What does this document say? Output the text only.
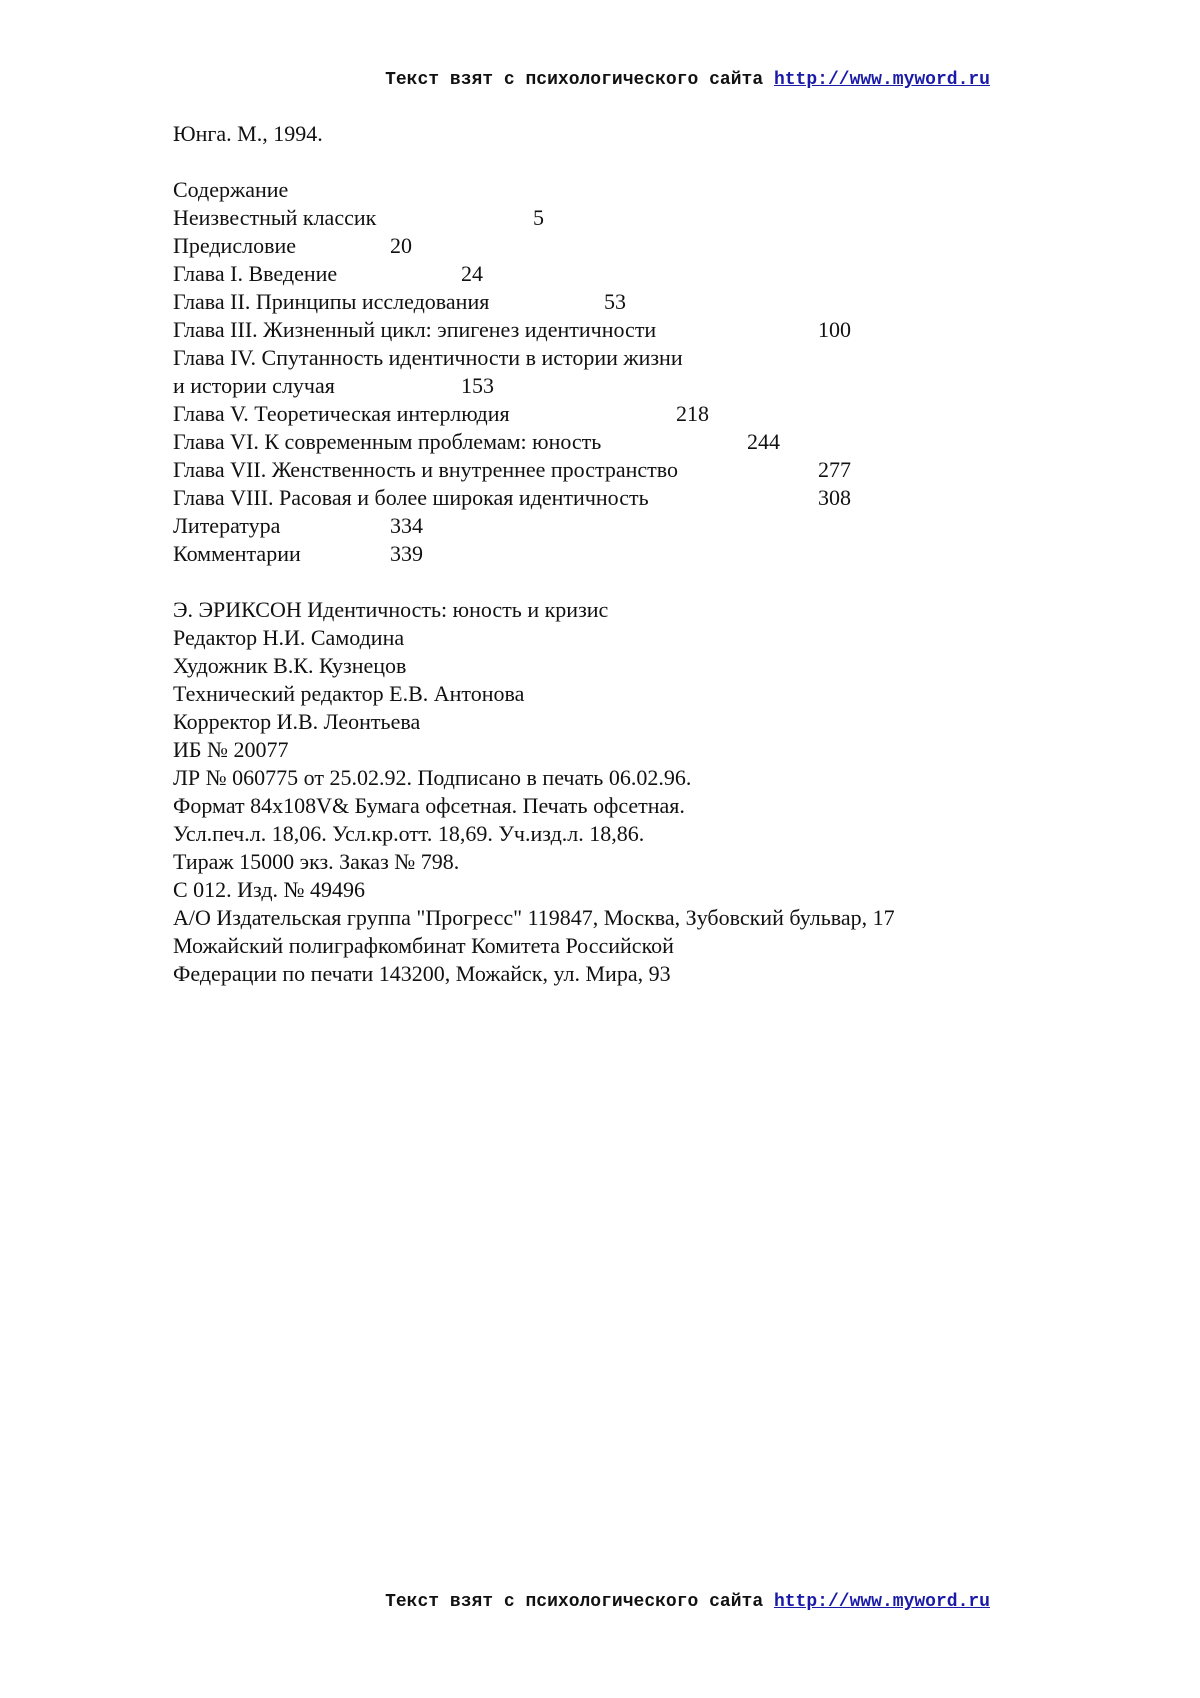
Текст взят с психологического сайта http://www.myword.ru
Юнга. М., 1994.
Содержание
Неизвестный классик	5
Предисловие	20
Глава I. Введение	24
Глава II. Принципы исследования	53
Глава III. Жизненный цикл: эпигенез идентичности	100
Глава IV. Спутанность идентичности в истории жизни
и истории случая	153
Глава V. Теоретическая интерлюдия	218
Глава VI. К современным проблемам: юность	244
Глава VII. Женственность и внутреннее пространство	277
Глава VIII. Расовая и более широкая идентичность	308
Литература	334
Комментарии	339
Э. ЭРИКСОН Идентичность: юность и кризис
Редактор Н.И. Самодина
Художник В.К. Кузнецов
Технический редактор Е.В. Антонова
Корректор И.В. Леонтьева
ИБ № 20077
ЛР № 060775 от 25.02.92. Подписано в печать 06.02.96.
Формат 84х108V& Бумага офсетная. Печать офсетная.
Усл.печ.л. 18,06. Усл.кр.отт. 18,69. Уч.изд.л. 18,86.
Тираж 15000 экз. Заказ № 798.
С 012. Изд. № 49496
А/О Издательская группа "Прогресс" 119847, Москва, Зубовский бульвар, 17
Можайский полиграфкомбинат Комитета Российской
Федерации по печати 143200, Можайск, ул. Мира, 93
Текст взят с психологического сайта http://www.myword.ru
